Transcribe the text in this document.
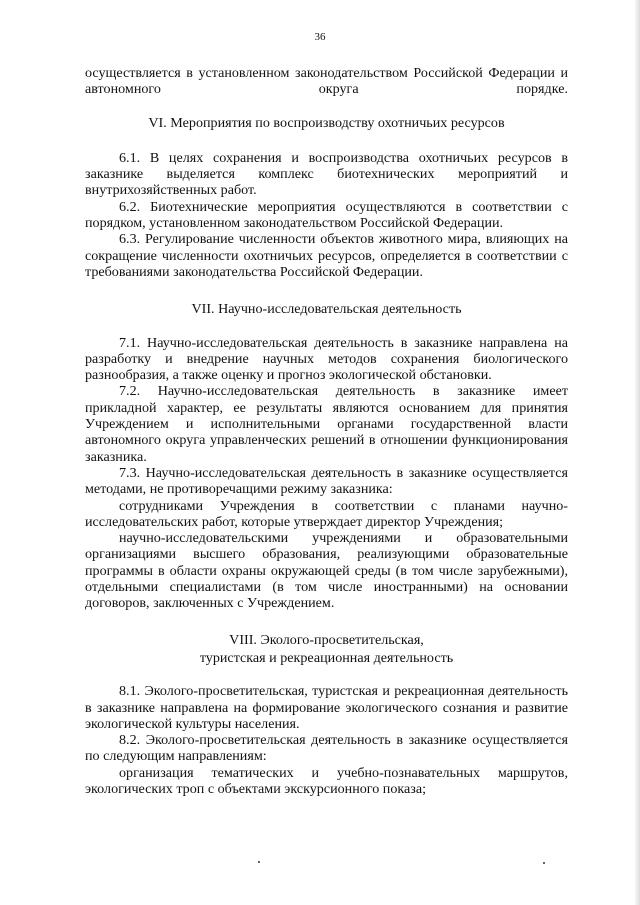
36

осуществляется в установленном законодательством Российской Федерации и автономного округа порядке.

VI. Мероприятия по воспроизводству охотничьих ресурсов

6.1. В целях сохранения и воспроизводства охотничьих ресурсов в заказнике выделяется комплекс биотехнических мероприятий и внутрихозяйственных работ.

6.2. Биотехнические мероприятия осуществляются в соответствии с порядком, установленном законодательством Российской Федерации.

6.3. Регулирование численности объектов животного мира, влияющих на сокращение численности охотничьих ресурсов, определяется в соответствии с требованиями законодательства Российской Федерации.

VII. Научно-исследовательская деятельность

7.1. Научно-исследовательская деятельность в заказнике направлена на разработку и внедрение научных методов сохранения биологического разнообразия, а также оценку и прогноз экологической обстановки.

7.2. Научно-исследовательская деятельность в заказнике имеет прикладной характер, ее результаты являются основанием для принятия Учреждением и исполнительными органами государственной власти автономного округа управленческих решений в отношении функционирования заказника.

7.3. Научно-исследовательская деятельность в заказнике осуществляется методами, не противоречащими режиму заказника:

сотрудниками Учреждения в соответствии с планами научно-исследовательских работ, которые утверждает директор Учреждения;

научно-исследовательскими учреждениями и образовательными организациями высшего образования, реализующими образовательные программы в области охраны окружающей среды (в том числе зарубежными), отдельными специалистами (в том числе иностранными) на основании договоров, заключенных с Учреждением.

VIII. Эколого-просветительская,
туристская и рекреационная деятельность

8.1. Эколого-просветительская, туристская и рекреационная деятельность в заказнике направлена на формирование экологического сознания и развитие экологической культуры населения.

8.2. Эколого-просветительская деятельность в заказнике осуществляется по следующим направлениям:

организация тематических и учебно-познавательных маршрутов, экологических троп с объектами экскурсионного показа;
